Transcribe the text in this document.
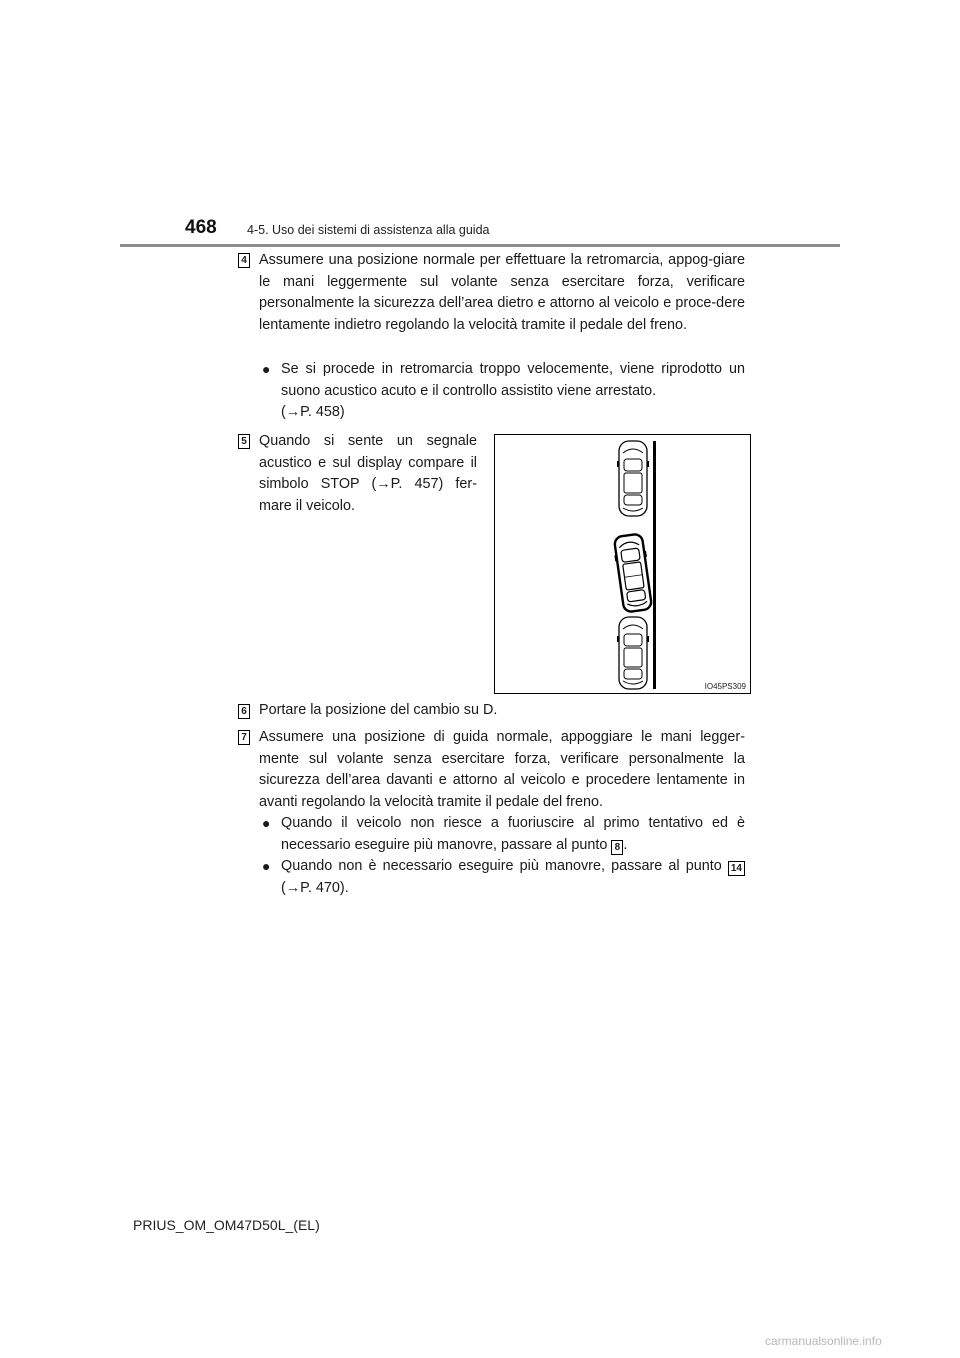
468 4-5. Uso dei sistemi di assistenza alla guida
4 Assumere una posizione normale per effettuare la retromarcia, appog-giare le mani leggermente sul volante senza esercitare forza, verificare personalmente la sicurezza dell’area dietro e attorno al veicolo e proce-dere lentamente indietro regolando la velocità tramite il pedale del freno.

● Se si procede in retromarcia troppo velocemente, viene riprodotto un suono acustico acuto e il controllo assistito viene arrestato.

(→P. 458)

5 Quando si sente un segnale acustico e sul display compare il simbolo STOP (→P. 457) fer-mare il veicolo.

IO45PS309
6 Portare la posizione del cambio su D.

7 Assumere una posizione di guida normale, appoggiare le mani legger-mente sul volante senza esercitare forza, verificare personalmente la sicurezza dell’area davanti e attorno al veicolo e procedere lentamente in avanti regolando la velocità tramite il pedale del freno.

● Quando il veicolo non riesce a fuoriuscire al primo tentativo ed è necessario eseguire più manovre, passare al punto 8 .

● Quando non è necessario eseguire più manovre, passare al punto 14 (→P. 470).

PRIUS_OM_OM47D50L_(EL)
carmanualsonline.info
